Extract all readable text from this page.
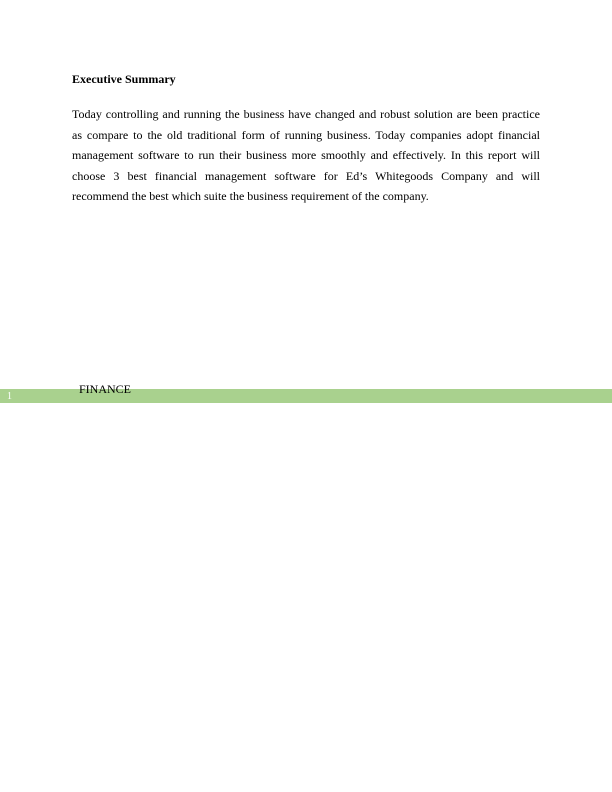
Executive Summary

Today controlling and running the business have changed and robust solution are been practice as compare to the old traditional form of running business. Today companies adopt financial management software to run their business more smoothly and effectively. In this report will choose 3 best financial management software for Ed’s Whitegoods Company and will recommend the best which suite the business requirement of the company.

1
FINANCE
